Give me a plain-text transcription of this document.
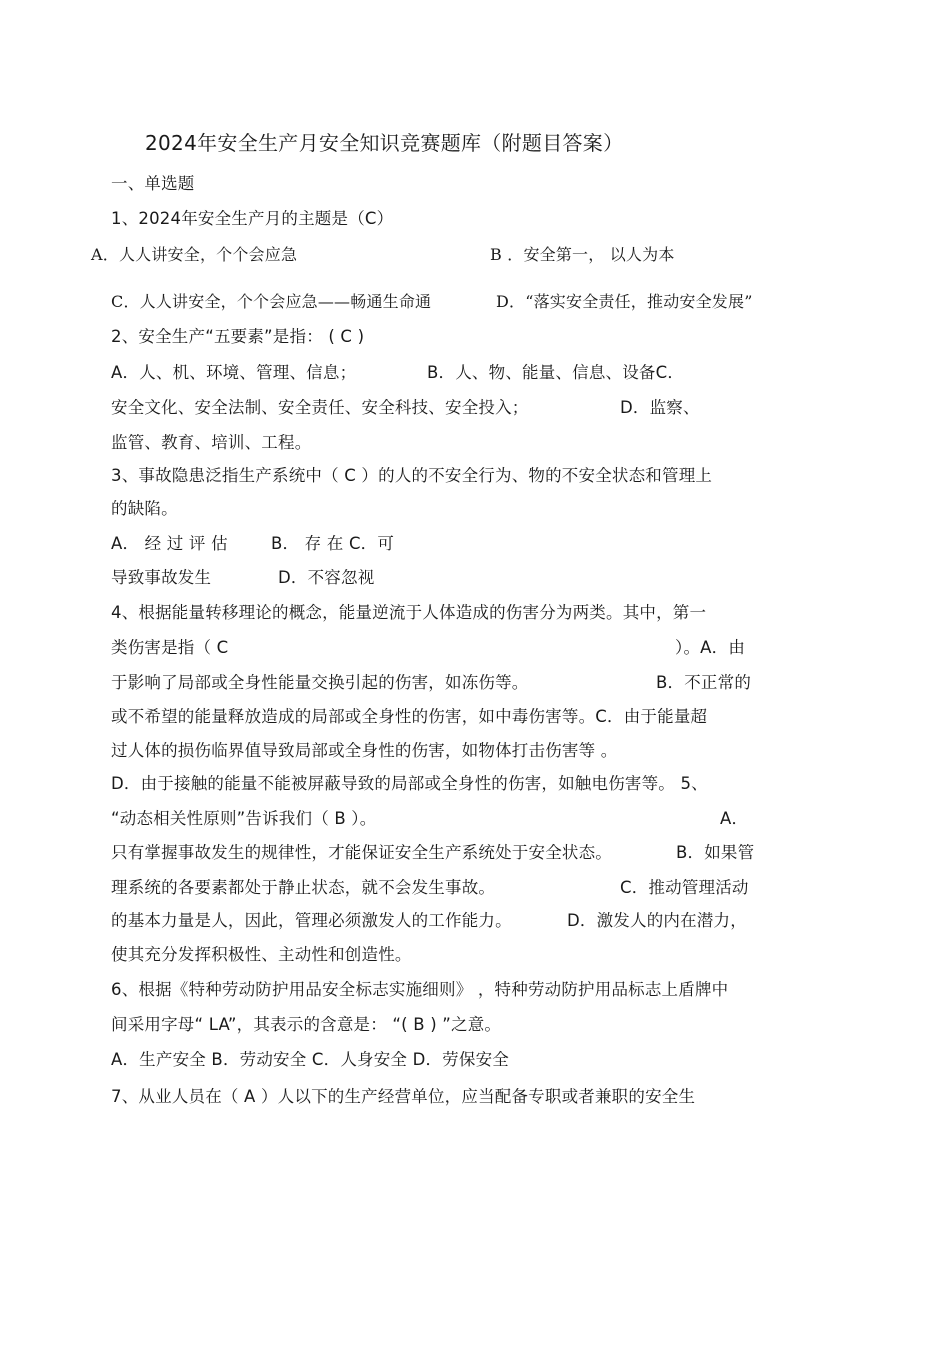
2024年安全生产月安全知识竞赛题库（附题目答案）
一、单选题
1、2024年安全生产月的主题是（C）
A．人人讲安全，个个会应急	B ．安全第一， 以人为本
C．人人讲安全，个个会应急——畅通生命通	D．“落实安全责任，推动安全发展”
2、安全生产“五要素”是指： ( C )
A．人、机、环境、管理、信息；	B．人、物、能量、信息、设备C．
安全文化、安全法制、安全责任、安全科技、安全投入；	D．监察、
监管、教育、培训、工程。
3、事故隐患泛指生产系统中（ C ）的人的不安全行为、物的不安全状态和管理上
的缺陷。
A． 经 过 评 估	B． 存 在 C．可
导致事故发生	D．不容忽视
4、根据能量转移理论的概念，能量逆流于人体造成的伤害分为两类。其中，第一
类伤害是指（ C	）。A．由
于影响了局部或全身性能量交换引起的伤害，如冻伤等。	B．不正常的
或不希望的能量释放造成的局部或全身性的伤害，如中毒伤害等。C．由于能量超
过人体的损伤临界值导致局部或全身性的伤害，如物体打击伤害等 。
D．由于接触的能量不能被屏蔽导致的局部或全身性的伤害，如触电伤害等。 5、
“动态相关性原则”告诉我们（ B ）。	A．
只有掌握事故发生的规律性，才能保证安全生产系统处于安全状态。	B．如果管
理系统的各要素都处于静止状态，就不会发生事故。	C．推动管理活动
的基本力量是人，因此，管理必须激发人的工作能力。	D．激发人的内在潜力，
使其充分发挥积极性、主动性和创造性。
6、根据《特种劳动防护用品安全标志实施细则》 ，特种劳动防护用品标志上盾牌中
间采用字母“ LA”，其表示的含意是： “( B ) ”之意。
A．生产安全 B．劳动安全 C．人身安全 D．劳保安全
7、从业人员在（ A ）人以下的生产经营单位，应当配备专职或者兼职的安全生
